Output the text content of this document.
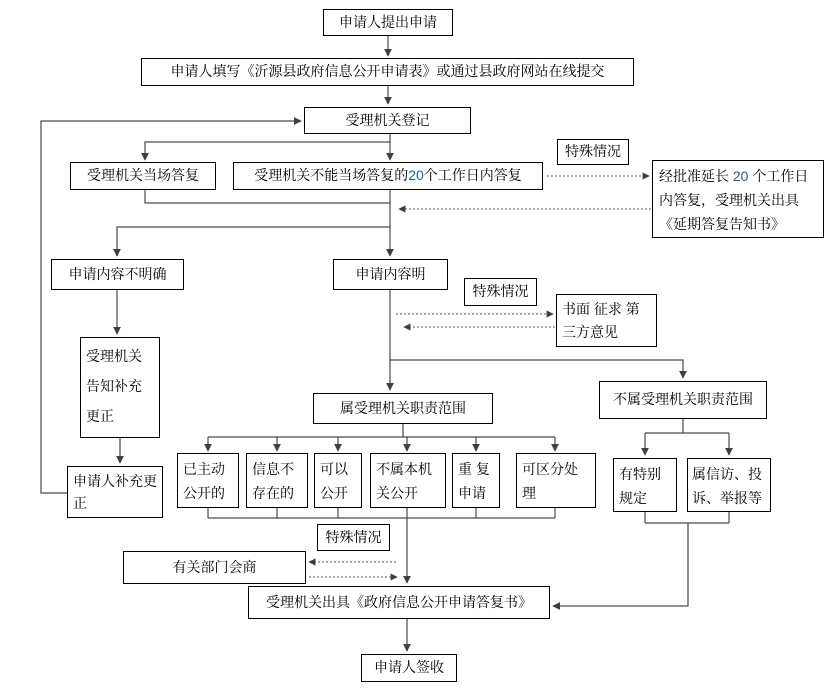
申请人提出申请
申请人填写《沂源县政府信息公开申请表》或通过县政府网站在线提交
受理机关登记
受理机关当场答复	受理机关不能当场答复的 20 个工作日内答复
特殊情况
经批准延长 20 个工作日内答复，受理机关出具《延期答复告知书》
申请内容不明确	申请内容明
特殊情况
书面 征求 第三方意见
受理机关告知补充更正
申请人补充更正
属受理机关职责范围
不属受理机关职责范围
已主动公开的
信息不存在的
可以公开
不属本机关公开
重 复申请
可区分处理
有特别规定
属信访、投诉、举报等
特殊情况
有关部门会商
受理机关出具《政府信息公开申请答复书》
申请人签收
